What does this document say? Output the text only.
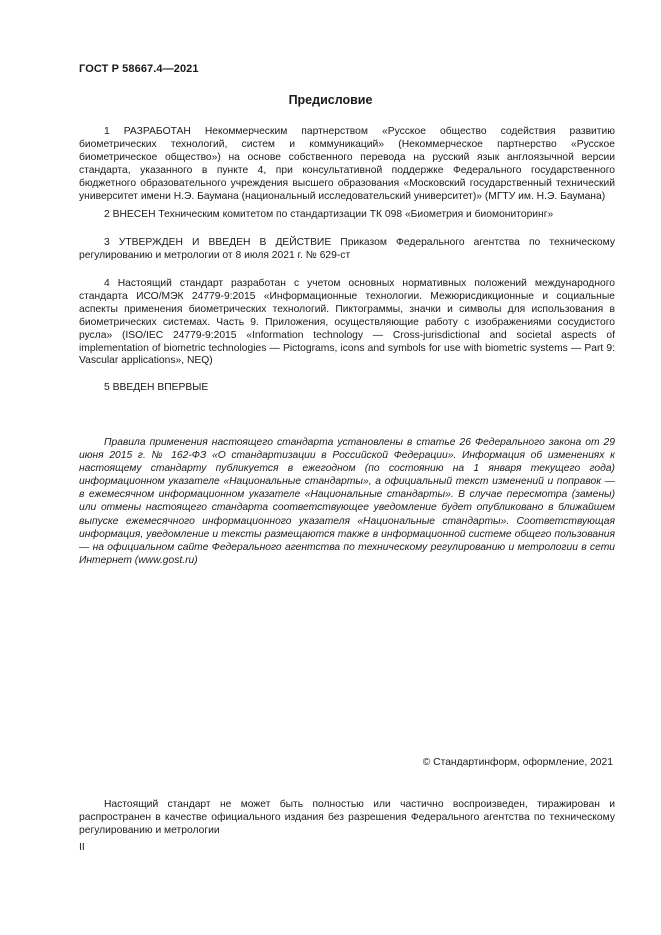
ГОСТ Р 58667.4—2021
Предисловие

1 РАЗРАБОТАН Некоммерческим партнерством «Русское общество содействия развитию биометрических технологий, систем и коммуникаций» (Некоммерческое партнерство «Русское биометрическое общество») на основе собственного перевода на русский язык англоязычной версии стандарта, указанного в пункте 4, при консультативной поддержке Федерального государственного бюджетного образовательного учреждения высшего образования «Московский государственный технический университет имени Н.Э. Баумана (национальный исследовательский университет)» (МГТУ им. Н.Э. Баумана)

2 ВНЕСЕН Техническим комитетом по стандартизации ТК 098 «Биометрия и биомониторинг»

3 УТВЕРЖДЕН И ВВЕДЕН В ДЕЙСТВИЕ Приказом Федерального агентства по техническому регулированию и метрологии от 8 июля 2021 г. № 629-ст

4 Настоящий стандарт разработан с учетом основных нормативных положений международного стандарта ИСО/МЭК 24779-9:2015 «Информационные технологии. Межюрисдикционные и социальные аспекты применения биометрических технологий. Пиктограммы, значки и символы для использования в биометрических системах. Часть 9. Приложения, осуществляющие работу с изображениями сосудистого русла» (ISO/IEC 24779-9:2015 «Information technology — Cross-jurisdictional and societal aspects of implementation of biometric technologies — Pictograms, icons and symbols for use with biometric systems — Part 9: Vascular applications», NEQ)

5 ВВЕДЕН ВПЕРВЫЕ

Правила применения настоящего стандарта установлены в статье 26 Федерального закона от 29 июня 2015 г. № 162-ФЗ «О стандартизации в Российской Федерации». Информация об изменениях к настоящему стандарту публикуется в ежегодном (по состоянию на 1 января текущего года) информационном указателе «Национальные стандарты», а официальный текст изменений и поправок — в ежемесячном информационном указателе «Национальные стандарты». В случае пересмотра (замены) или отмены настоящего стандарта соответствующее уведомление будет опубликовано в ближайшем выпуске ежемесячного информационного указателя «Национальные стандарты». Соответствующая информация, уведомление и тексты размещаются также в информационной системе общего пользования — на официальном сайте Федерального агентства по техническому регулированию и метрологии в сети Интернет (www.gost.ru)

© Стандартинформ, оформление, 2021

Настоящий стандарт не может быть полностью или частично воспроизведен, тиражирован и распространен в качестве официального издания без разрешения Федерального агентства по техническому регулированию и метрологии

II
